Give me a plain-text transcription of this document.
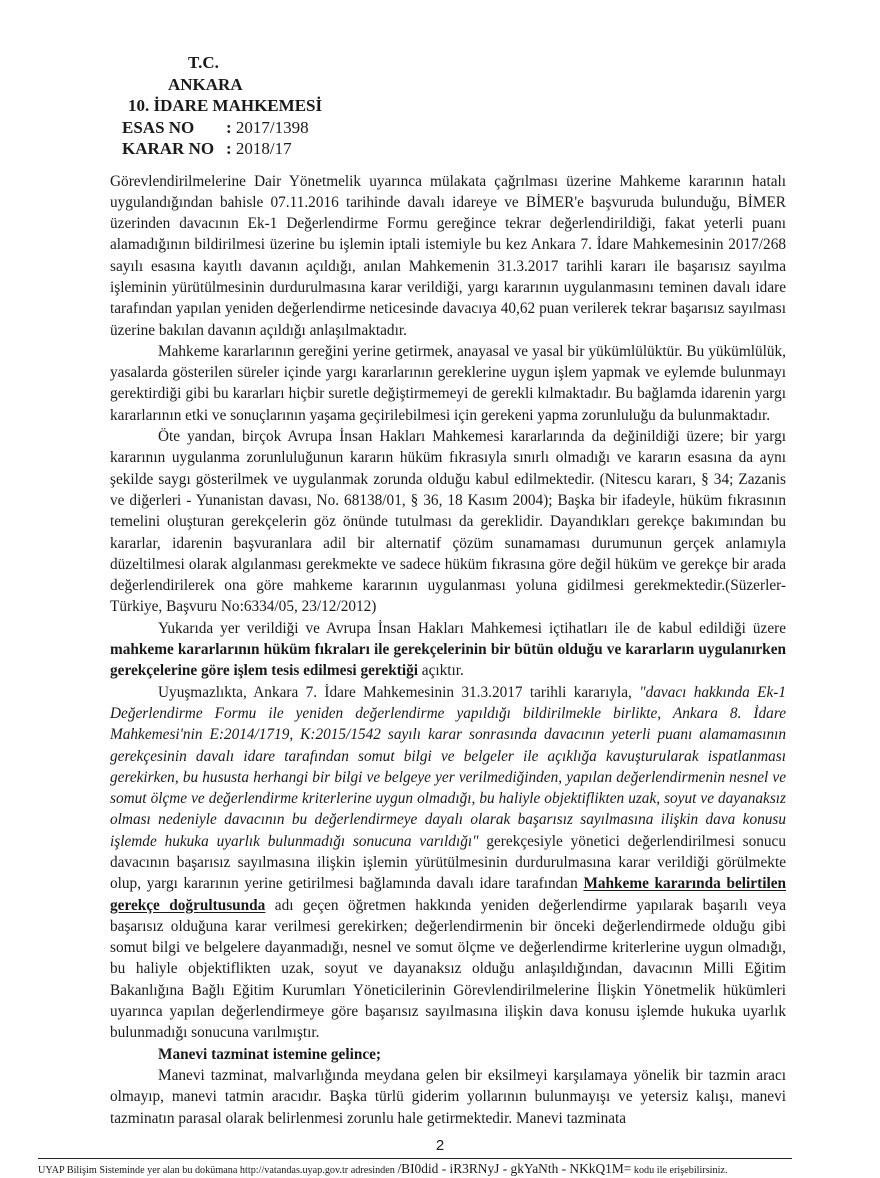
T.C.
ANKARA
10. İDARE MAHKEMESİ
ESAS NO	: 2017/1398
KARAR NO : 2018/17

Görevlendirilmelerine Dair Yönetmelik uyarınca mülakata çağrılması üzerine Mahkeme kararının hatalı uygulandığından bahisle 07.11.2016 tarihinde davalı idareye ve BİMER'e başvuruda bulunduğu, BİMER üzerinden davacının Ek-1 Değerlendirme Formu gereğince tekrar değerlendirildiği, fakat yeterli puanı alamadığının bildirilmesi üzerine bu işlemin iptali istemiyle bu kez Ankara 7. İdare Mahkemesinin 2017/268 sayılı esasına kayıtlı davanın açıldığı, anılan Mahkemenin 31.3.2017 tarihli kararı ile başarısız sayılma işleminin yürütülmesinin durdurulmasına karar verildiği, yargı kararının uygulanmasını teminen davalı idare tarafından yapılan yeniden değerlendirme neticesinde davacıya 40,62 puan verilerek tekrar başarısız sayılması üzerine bakılan davanın açıldığı anlaşılmaktadır.

Mahkeme kararlarının gereğini yerine getirmek, anayasal ve yasal bir yükümlülüktür. Bu yükümlülük, yasalarda gösterilen süreler içinde yargı kararlarının gereklerine uygun işlem yapmak ve eylemde bulunmayı gerektirdiği gibi bu kararları hiçbir suretle değiştirmemeyi de gerekli kılmaktadır. Bu bağlamda idarenin yargı kararlarının etki ve sonuçlarının yaşama geçirilebilmesi için gerekeni yapma zorunluluğu da bulunmaktadır.

Öte yandan, birçok Avrupa İnsan Hakları Mahkemesi kararlarında da değinildiği üzere; bir yargı kararının uygulanma zorunluluğunun kararın hüküm fıkrasıyla sınırlı olmadığı ve kararın esasına da aynı şekilde saygı gösterilmek ve uygulanmak zorunda olduğu kabul edilmektedir. (Nitescu kararı, § 34; Zazanis ve diğerleri - Yunanistan davası, No. 68138/01, § 36, 18 Kasım 2004); Başka bir ifadeyle, hüküm fıkrasının temelini oluşturan gerekçelerin göz önünde tutulması da gereklidir. Dayandıkları gerekçe bakımından bu kararlar, idarenin başvuranlara adil bir alternatif çözüm sunamaması durumunun gerçek anlamıyla düzeltilmesi olarak algılanması gerekmekte ve sadece hüküm fıkrasına göre değil hüküm ve gerekçe bir arada değerlendirilerek ona göre mahkeme kararının uygulanması yoluna gidilmesi gerekmektedir.(Süzerler-Türkiye, Başvuru No:6334/05, 23/12/2012)

Yukarıda yer verildiği ve Avrupa İnsan Hakları Mahkemesi içtihatları ile de kabul edildiği üzere mahkeme kararlarının hüküm fıkraları ile gerekçelerinin bir bütün olduğu ve kararların uygulanırken gerekçelerine göre işlem tesis edilmesi gerektiği açıktır.

Uyuşmazlıkta, Ankara 7. İdare Mahkemesinin 31.3.2017 tarihli kararıyla, "davacı hakkında Ek-1 Değerlendirme Formu ile yeniden değerlendirme yapıldığı bildirilmekle birlikte, Ankara 8. İdare Mahkemesi'nin E:2014/1719, K:2015/1542 sayılı karar sonrasında davacının yeterli puanı alamamasının gerekçesinin davalı idare tarafından somut bilgi ve belgeler ile açıklığa kavuşturularak ispatlanması gerekirken, bu hususta herhangi bir bilgi ve belgeye yer verilmediğinden, yapılan değerlendirmenin nesnel ve somut ölçme ve değerlendirme kriterlerine uygun olmadığı, bu haliyle objektiflikten uzak, soyut ve dayanaksız olması nedeniyle davacının bu değerlendirmeye dayalı olarak başarısız sayılmasına ilişkin dava konusu işlemde hukuka uyarlık bulunmadığı sonucuna varıldığı" gerekçesiyle yönetici değerlendirilmesi sonucu davacının başarısız sayılmasına ilişkin işlemin yürütülmesinin durdurulmasına karar verildiği görülmekte olup, yargı kararının yerine getirilmesi bağlamında davalı idare tarafından Mahkeme kararında belirtilen gerekçe doğrultusunda adı geçen öğretmen hakkında yeniden değerlendirme yapılarak başarılı veya başarısız olduğuna karar verilmesi gerekirken; değerlendirmenin bir önceki değerlendirmede olduğu gibi somut bilgi ve belgelere dayanmadığı, nesnel ve somut ölçme ve değerlendirme kriterlerine uygun olmadığı, bu haliyle objektiflikten uzak, soyut ve dayanaksız olduğu anlaşıldığından, davacının Milli Eğitim Bakanlığına Bağlı Eğitim Kurumları Yöneticilerinin Görevlendirilmelerine İlişkin Yönetmelik hükümleri uyarınca yapılan değerlendirmeye göre başarısız sayılmasına ilişkin dava konusu işlemde hukuka uyarlık bulunmadığı sonucuna varılmıştır.

Manevi tazminat istemine gelince;

Manevi tazminat, malvarlığında meydana gelen bir eksilmeyi karşılamaya yönelik bir tazmin aracı olmayıp, manevi tatmin aracıdır. Başka türlü giderim yollarının bulunmayışı ve yetersiz kalışı, manevi tazminatın parasal olarak belirlenmesi zorunlu hale getirmektedir. Manevi tazminata

2
UYAP Bilişim Sisteminde yer alan bu dokümana http://vatandas.uyap.gov.tr adresinden /BI0did - iR3RNyJ - gkYaNth - NKkQ1M= kodu ile erişebilirsiniz.
